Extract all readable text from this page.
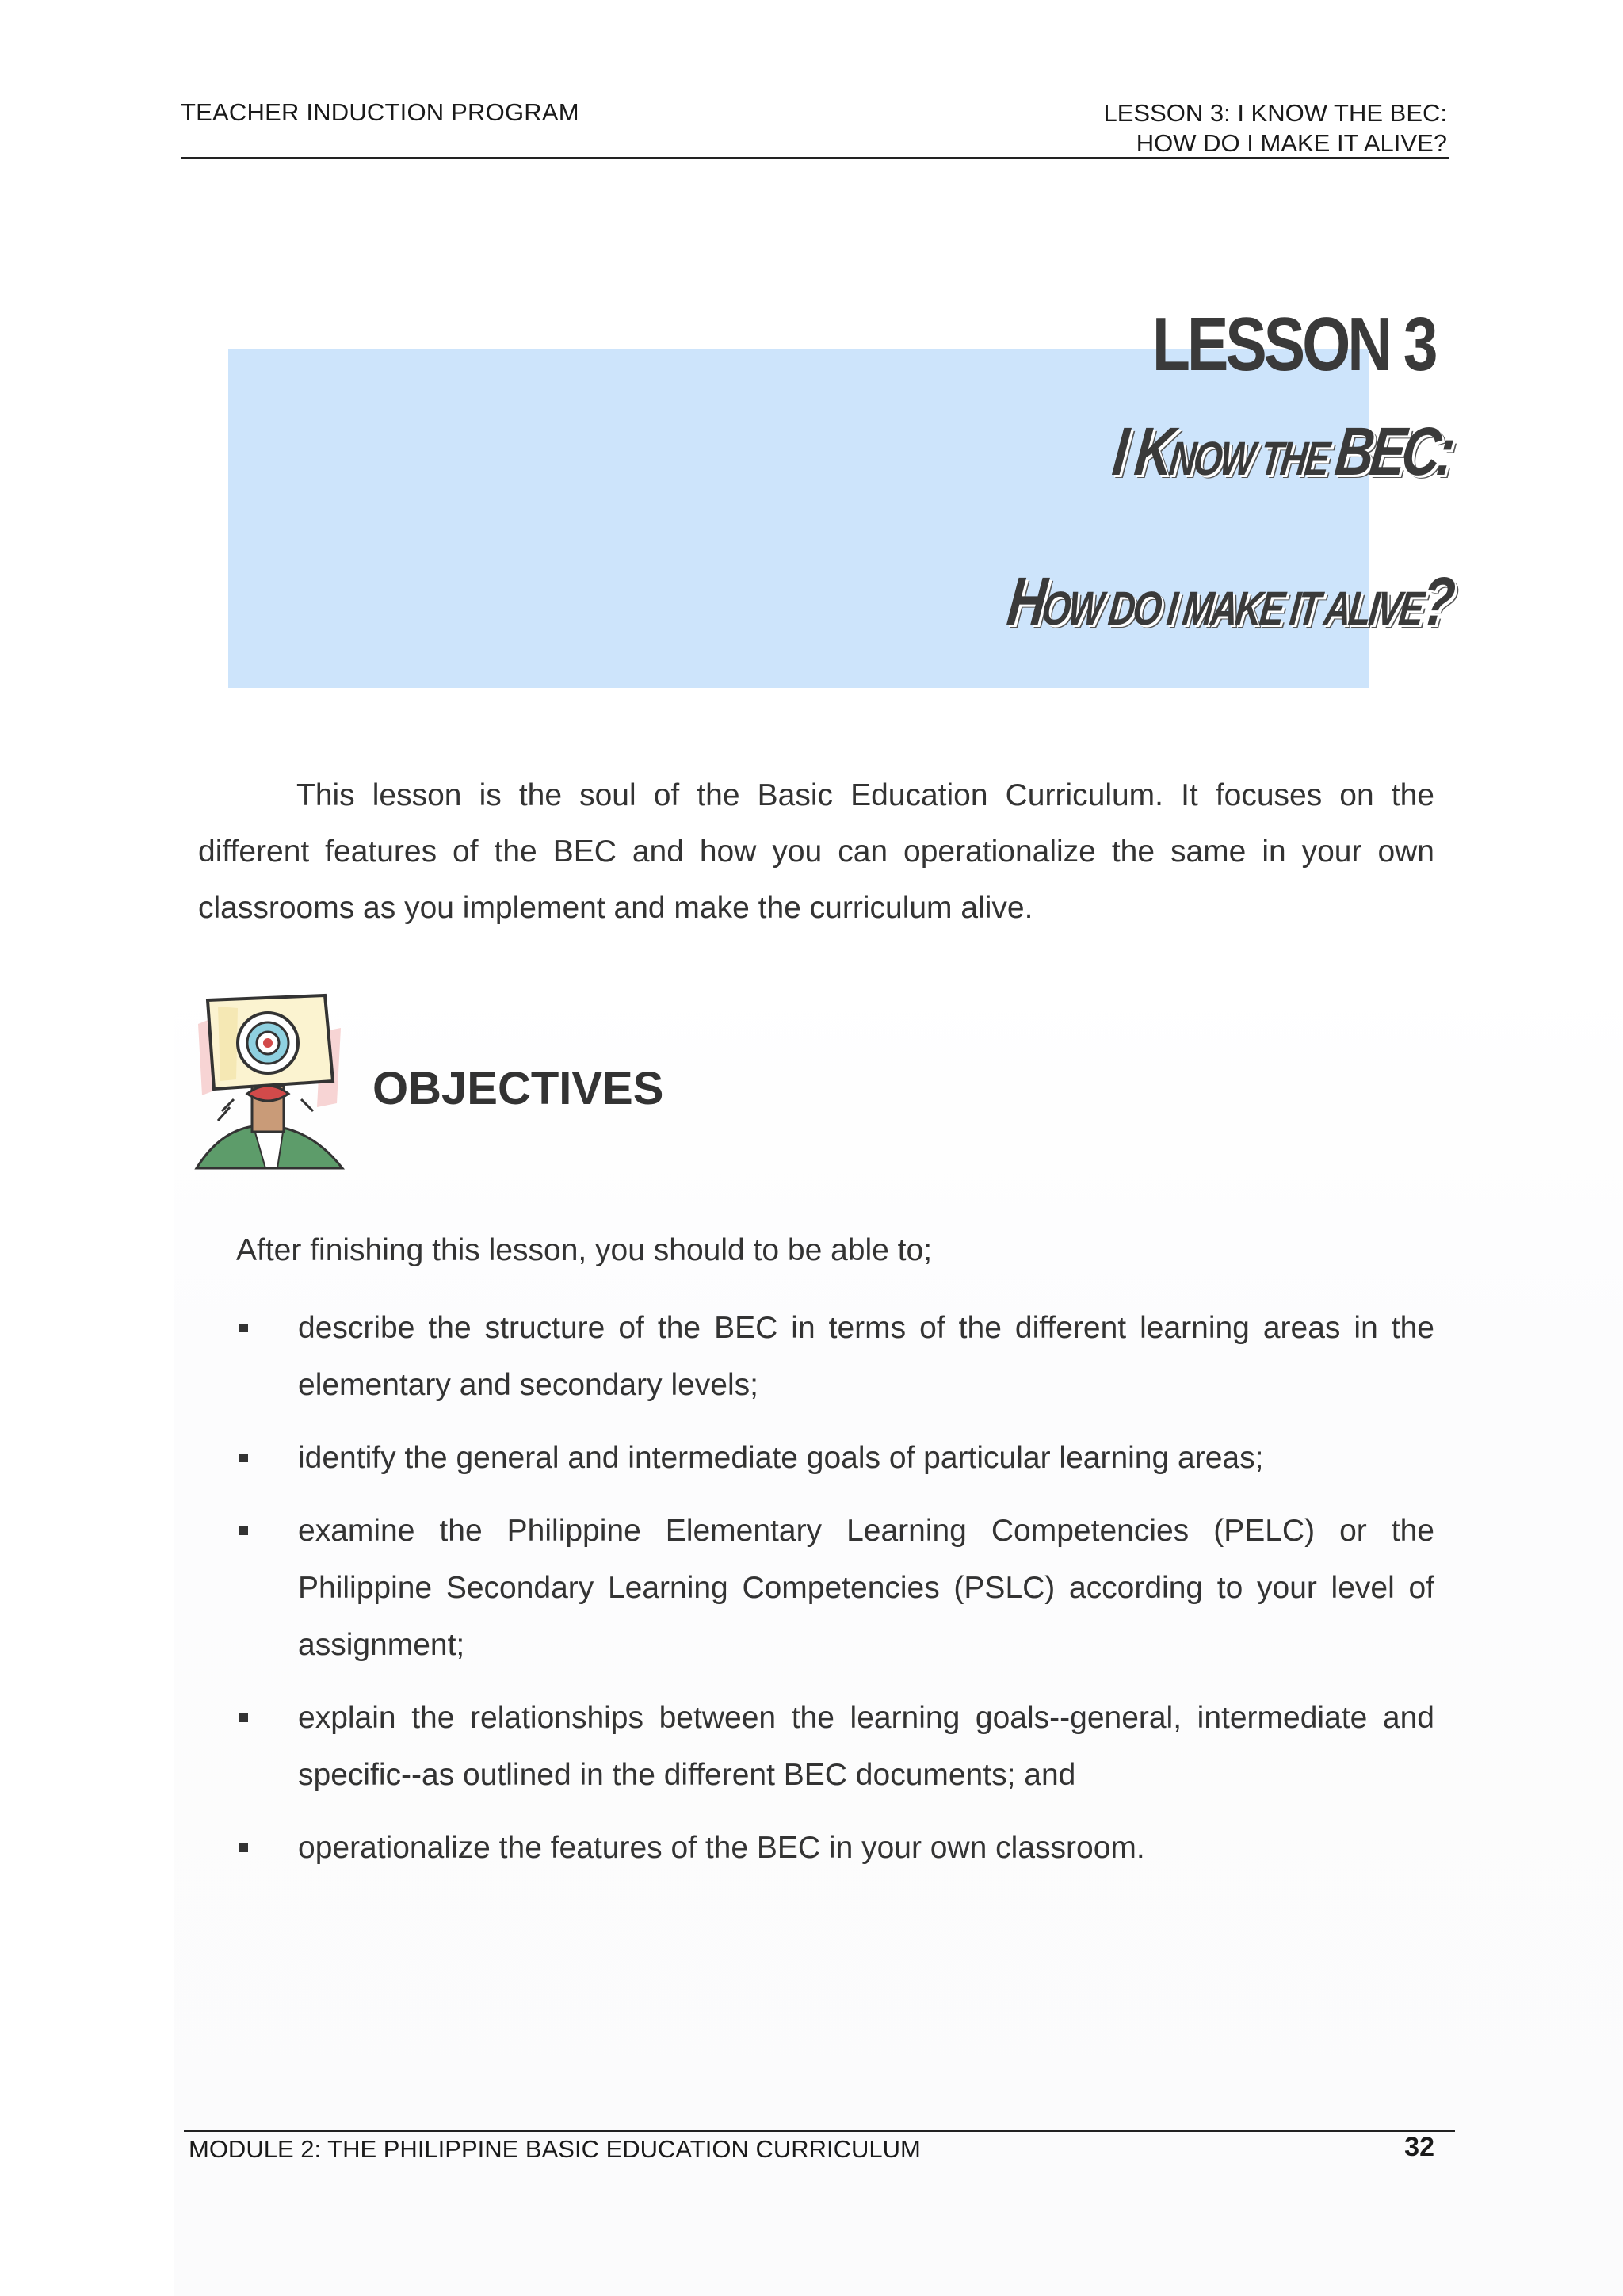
TEACHER INDUCTION PROGRAM	LESSON 3: I KNOW THE BEC:
HOW DO I MAKE IT ALIVE?
LESSON 3
I KNOW THE BEC:
HOW DO I MAKE IT ALIVE?

This lesson is the soul of the Basic Education Curriculum. It focuses on the different features of the BEC and how you can operationalize the same in your own classrooms as you implement and make the curriculum alive.

OBJECTIVES
After finishing this lesson, you should to be able to;
describe the structure of the BEC in terms of the different learning areas in the elementary and secondary levels;
identify the general and intermediate goals of particular learning areas;
examine the Philippine Elementary Learning Competencies (PELC) or the Philippine Secondary Learning Competencies (PSLC) according to your level of assignment;
explain the relationships between the learning goals--general, intermediate and specific--as outlined in the different BEC documents; and
operationalize the features of the BEC in your own classroom.
MODULE 2: THE PHILIPPINE BASIC EDUCATION CURRICULUM	32
